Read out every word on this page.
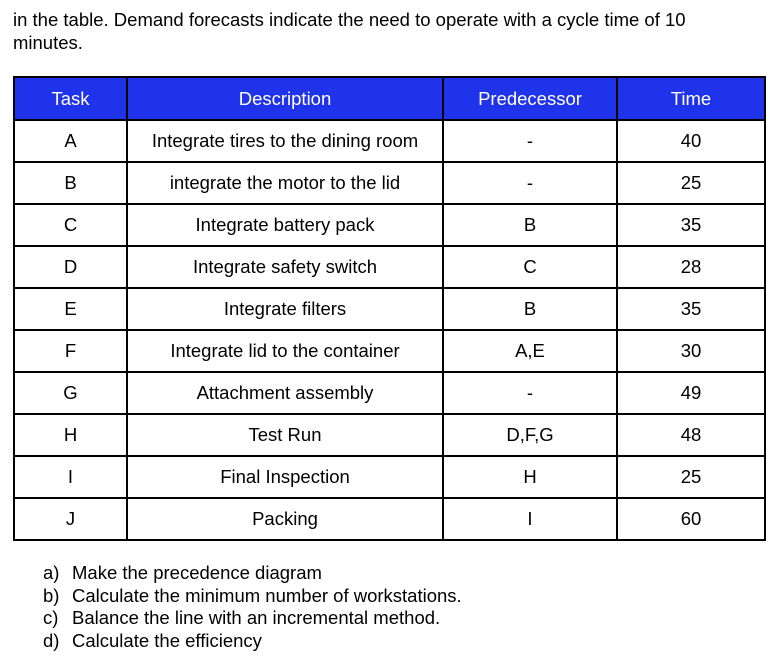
in the table. Demand forecasts indicate the need to operate with a cycle time of 10
minutes.

Task	Description	Predecessor	Time
A	Integrate tires to the dining room	-	40
B	integrate the motor to the lid	-	25
C	Integrate battery pack	B	35
D	Integrate safety switch	C	28
E	Integrate filters	B	35
F	Integrate lid to the container	A,E	30
G	Attachment assembly	-	49
H	Test Run	D,F,G	48
I	Final Inspection	H	25
J	Packing	I	60
a) Make the precedence diagram
b) Calculate the minimum number of workstations.
c) Balance the line with an incremental method.
d) Calculate the efficiency
